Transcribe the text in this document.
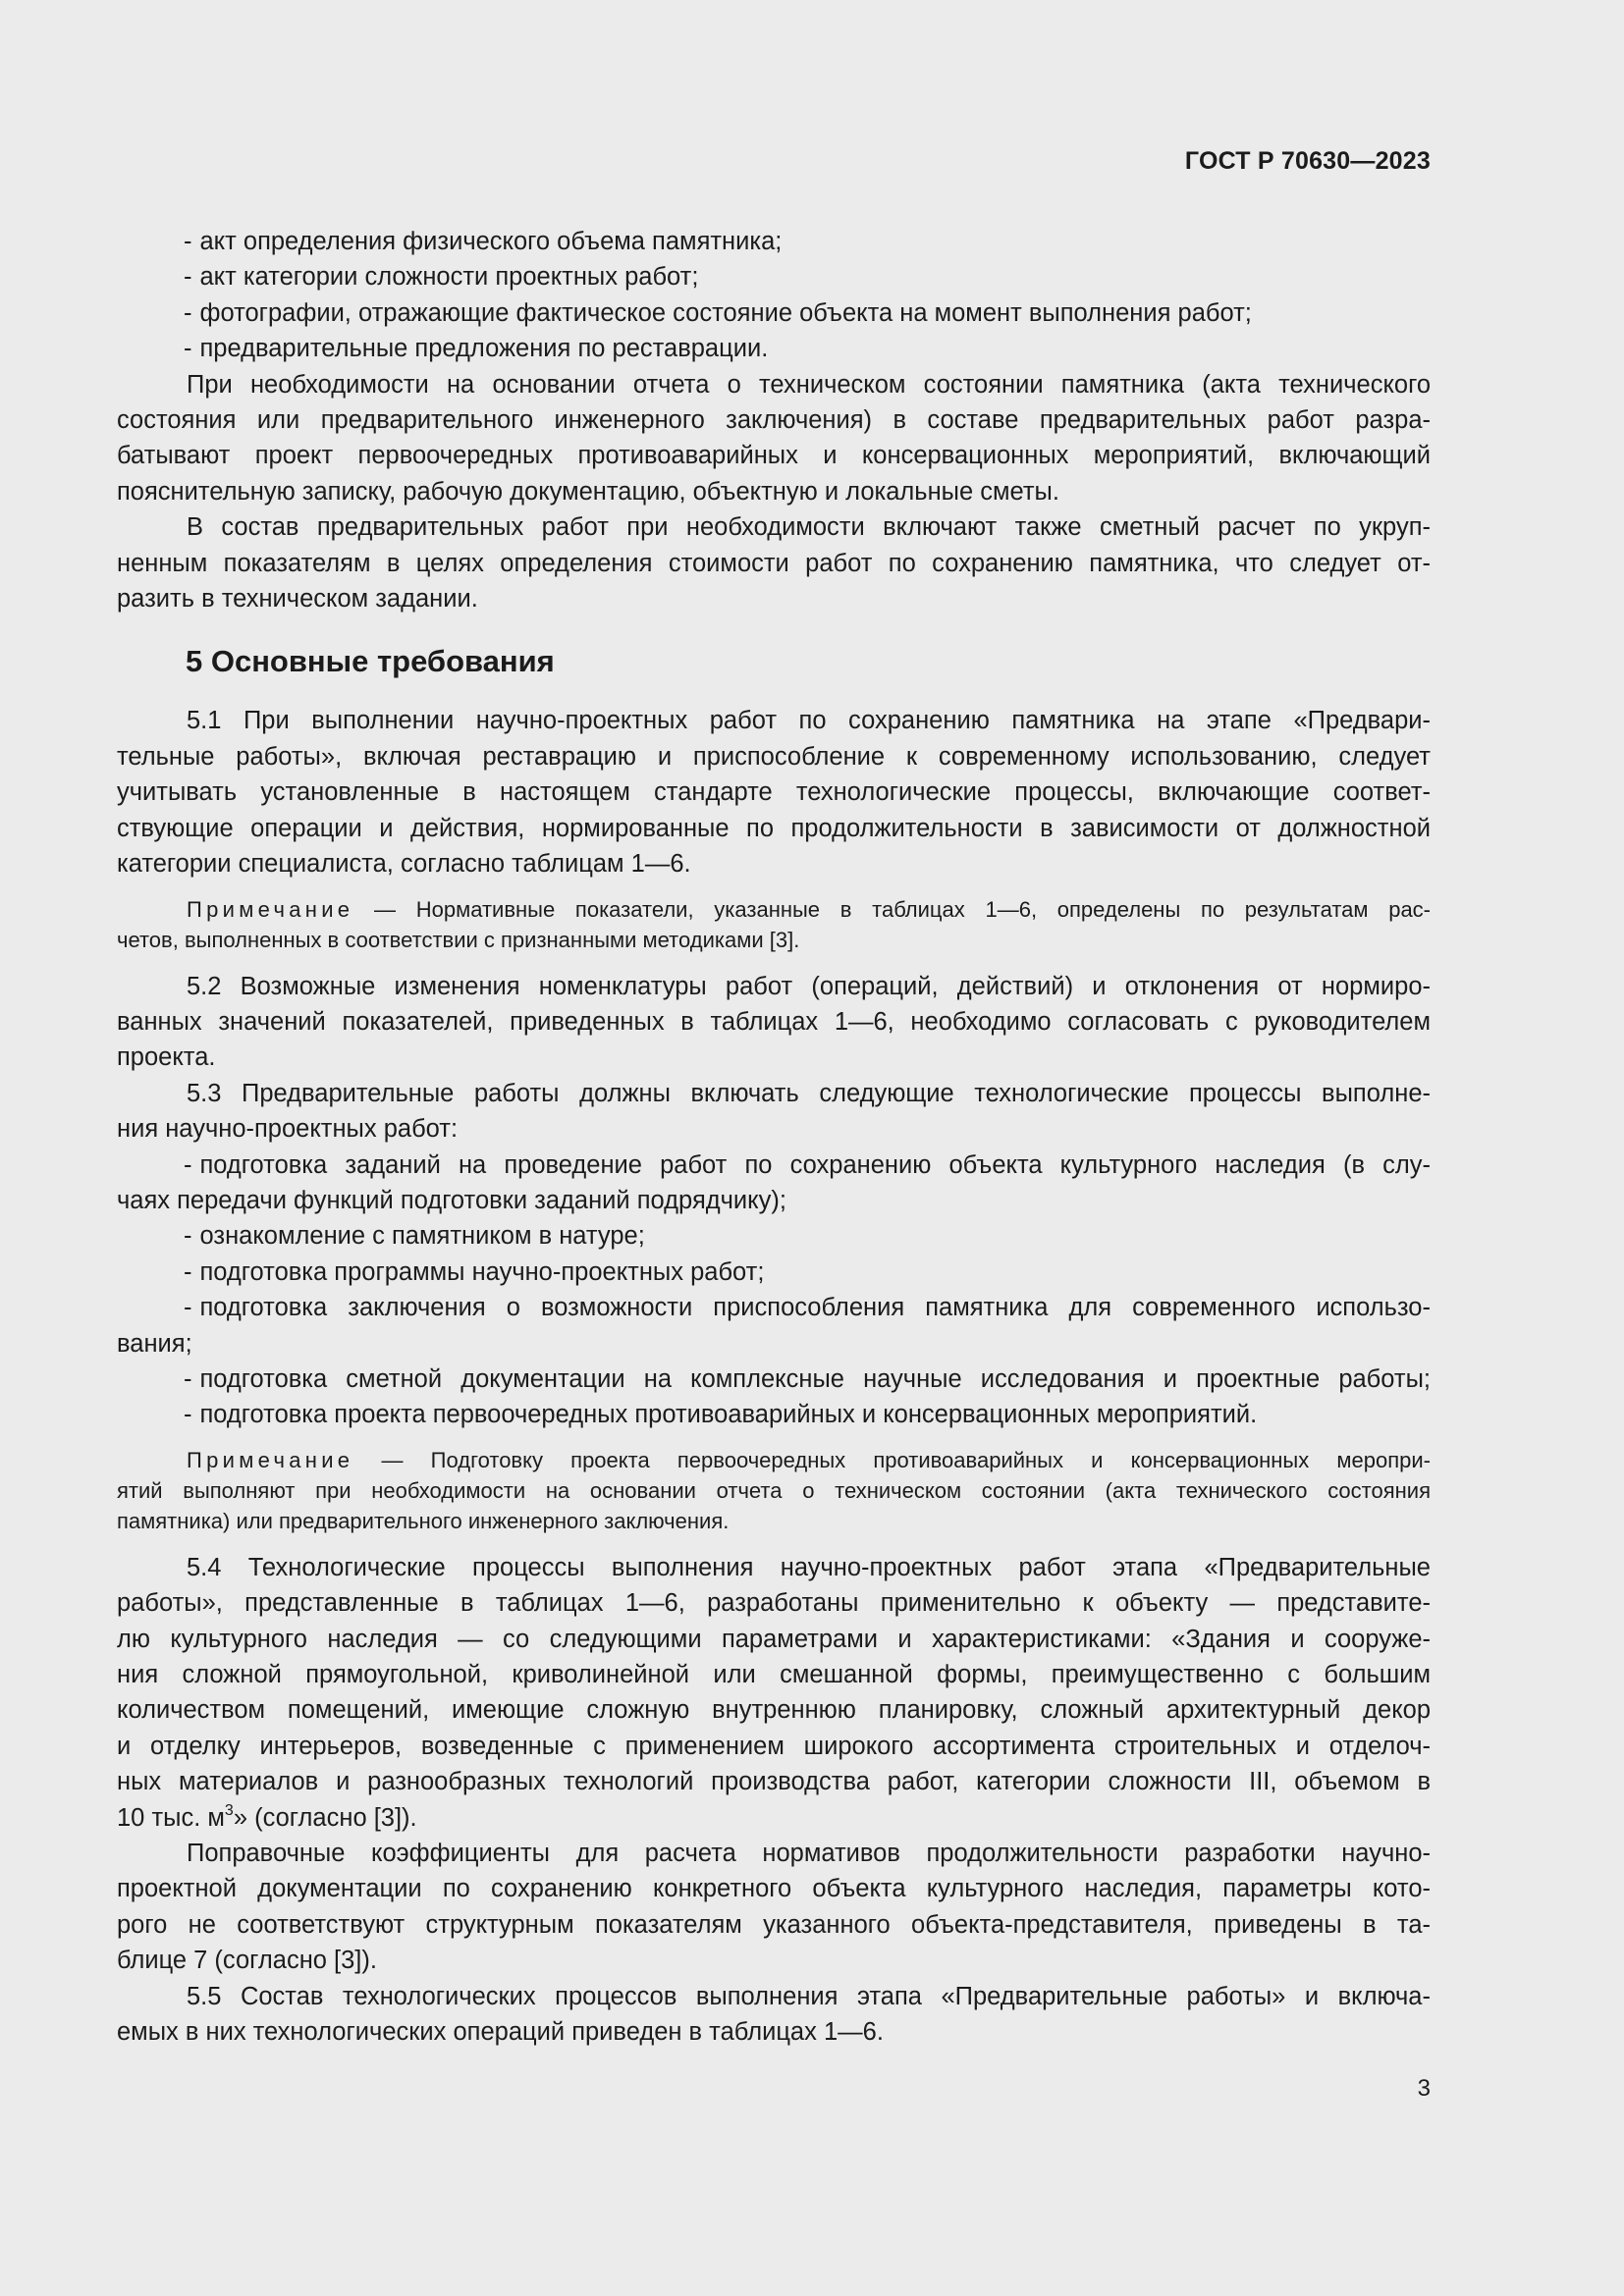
ГОСТ Р 70630—2023
- акт определения физического объема памятника;
- акт категории сложности проектных работ;
- фотографии, отражающие фактическое состояние объекта на момент выполнения работ;
- предварительные предложения по реставрации.
При необходимости на основании отчета о техническом состоянии памятника (акта технического
состояния или предварительного инженерного заключения) в составе предварительных работ разра-
батывают проект первоочередных противоаварийных и консервационных мероприятий, включающий
пояснительную записку, рабочую документацию, объектную и локальные сметы.
В состав предварительных работ при необходимости включают также сметный расчет по укруп-
ненным показателям в целях определения стоимости работ по сохранению памятника, что следует от-
разить в техническом задании.
5 Основные требования
5.1 При выполнении научно-проектных работ по сохранению памятника на этапе «Предвари-
тельные работы», включая реставрацию и приспособление к современному использованию, следует
учитывать установленные в настоящем стандарте технологические процессы, включающие соответ-
ствующие операции и действия, нормированные по продолжительности в зависимости от должностной
категории специалиста, согласно таблицам 1—6.
Примечание — Нормативные показатели, указанные в таблицах 1—6, определены по результатам рас-
четов, выполненных в соответствии с признанными методиками [3].
5.2 Возможные изменения номенклатуры работ (операций, действий) и отклонения от нормиро-
ванных значений показателей, приведенных в таблицах 1—6, необходимо согласовать с руководителем
проекта.
5.3 Предварительные работы должны включать следующие технологические процессы выполне-
ния научно-проектных работ:
- подготовка заданий на проведение работ по сохранению объекта культурного наследия (в слу-
чаях передачи функций подготовки заданий подрядчику);
- ознакомление с памятником в натуре;
- подготовка программы научно-проектных работ;
- подготовка заключения о возможности приспособления памятника для современного использо-
вания;
- подготовка сметной документации на комплексные научные исследования и проектные работы;
- подготовка проекта первоочередных противоаварийных и консервационных мероприятий.
Примечание — Подготовку проекта первоочередных противоаварийных и консервационных меропри-
ятий выполняют при необходимости на основании отчета о техническом состоянии (акта технического состояния
памятника) или предварительного инженерного заключения.
5.4 Технологические процессы выполнения научно-проектных работ этапа «Предварительные
работы», представленные в таблицах 1—6, разработаны применительно к объекту — представите-
лю культурного наследия — со следующими параметрами и характеристиками: «Здания и сооруже-
ния сложной прямоугольной, криволинейной или смешанной формы, преимущественно с большим
количеством помещений, имеющие сложную внутреннюю планировку, сложный архитектурный декор
и отделку интерьеров, возведенные с применением широкого ассортимента строительных и отделоч-
ных материалов и разнообразных технологий производства работ, категории сложности III, объемом в
10 тыс. $м^3$» (согласно [3]).
Поправочные коэффициенты для расчета нормативов продолжительности разработки научно-
проектной документации по сохранению конкретного объекта культурного наследия, параметры кото-
рого не соответствуют структурным показателям указанного объекта-представителя, приведены в та-
блице 7 (согласно [3]).
5.5 Состав технологических процессов выполнения этапа «Предварительные работы» и включа-
емых в них технологических операций приведен в таблицах 1—6.
3
